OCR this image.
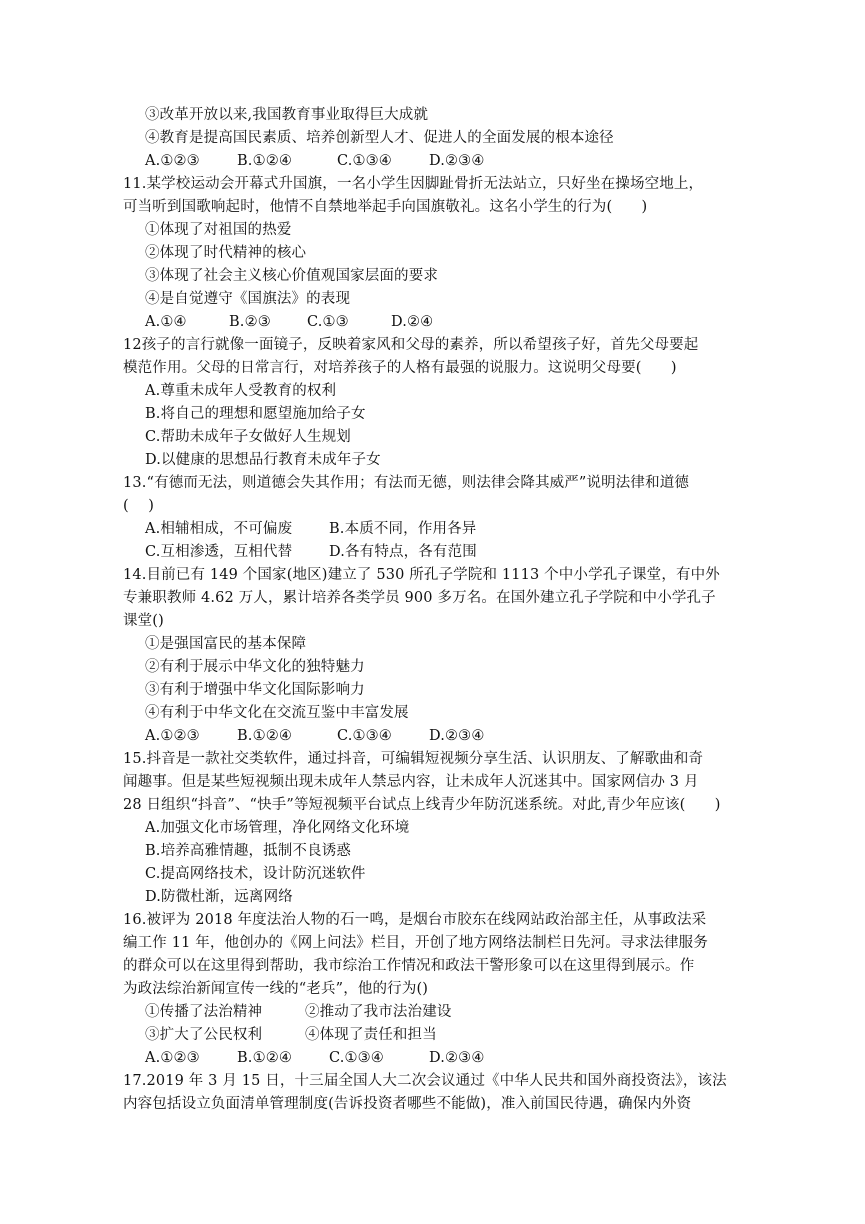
③改革开放以来,我国教育事业取得巨大成就
④教育是提高国民素质、培养创新型人才、促进人的全面发展的根本途径
A.①②③	B.①②④	C.①③④	D.②③④
11.某学校运动会开幕式升国旗，一名小学生因脚趾骨折无法站立，只好坐在操场空地上，
可当听到国歌响起时，他情不自禁地举起手向国旗敬礼。这名小学生的行为(　　)
①体现了对祖国的热爱
②体现了时代精神的核心
③体现了社会主义核心价值观国家层面的要求
④是自觉遵守《国旗法》的表现
A.①④	B.②③	C.①③	D.②④
12孩子的言行就像一面镜子，反映着家风和父母的素养，所以希望孩子好，首先父母要起
模范作用。父母的日常言行，对培养孩子的人格有最强的说服力。这说明父母要(　　)
A.尊重未成年人受教育的权利
B.将自己的理想和愿望施加给子女
C.帮助未成年子女做好人生规划
D.以健康的思想品行教育未成年子女
13.“有德而无法，则道德会失其作用；有法而无德，则法律会降其威严”说明法律和道德
(　 )
A.相辅相成，不可偏废	B.本质不同，作用各异
C.互相渗透，互相代替	D.各有特点，各有范围
14.目前已有 149 个国家(地区)建立了 530 所孔子学院和 1113 个中小学孔子课堂，有中外
专兼职教师 4.62 万人，累计培养各类学员 900 多万名。在国外建立孔子学院和中小学孔子
课堂()
①是强国富民的基本保障
②有利于展示中华文化的独特魅力
③有利于增强中华文化国际影响力
④有利于中华文化在交流互鉴中丰富发展
A.①②③	B.①②④	C.①③④	D.②③④
15.抖音是一款社交类软件，通过抖音，可编辑短视频分享生活、认识朋友、了解歌曲和奇
闻趣事。但是某些短视频出现未成年人禁忌内容，让未成年人沉迷其中。国家网信办 3 月
28 日组织“抖音”、“快手”等短视频平台试点上线青少年防沉迷系统。对此,青少年应该(　　)
A.加强文化市场管理，净化网络文化环境
B.培养高雅情趣，抵制不良诱惑
C.提高网络技术，设计防沉迷软件
D.防微杜渐，远离网络
16.被评为 2018 年度法治人物的石一鸣，是烟台市胶东在线网站政治部主任，从事政法采
编工作 11 年，他创办的《网上问法》栏目，开创了地方网络法制栏日先河。寻求法律服务
的群众可以在这里得到帮助，我市综治工作情况和政法干警形象可以在这里得到展示。作
为政法综治新闻宣传一线的“老兵”，他的行为()
①传播了法治精神	②推动了我市法治建设
③扩大了公民权利	④体现了责任和担当
A.①②③	B.①②④	C.①③④	D.②③④
17.2019 年 3 月 15 日，十三届全国人大二次会议通过《中华人民共和国外商投资法》，该法
内容包括设立负面清单管理制度(告诉投资者哪些不能做)，准入前国民待遇，确保内外资
